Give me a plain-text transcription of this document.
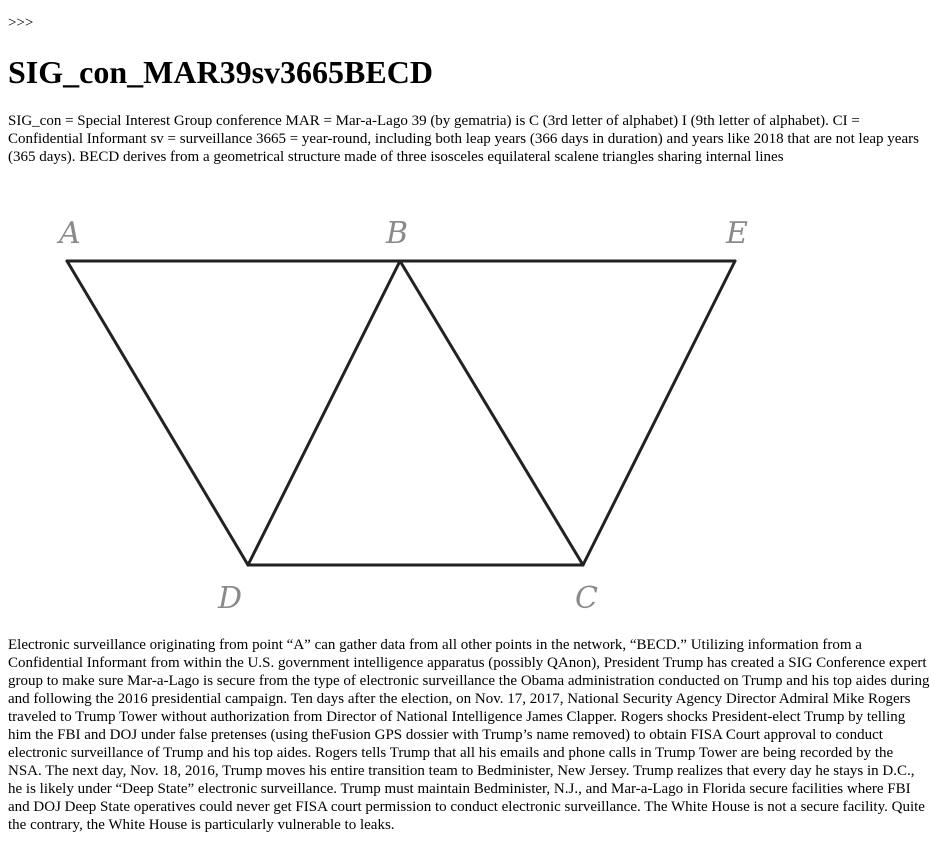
>>>
SIG_con_MAR39sv3665BECD

SIG_con = Special Interest Group conference MAR = Mar-a-Lago 39 (by gematria) is C (3rd letter of alphabet) I (9th letter of alphabet). CI = Confidential Informant sv = surveillance 3665 = year-round, including both leap years (366 days in duration) and years like 2018 that are not leap years (365 days). BECD derives from a geometrical structure made of three isosceles equilateral scalene triangles sharing internal lines

A	B	E
D	C

Electronic surveillance originating from point “A” can gather data from all other points in the network, “BECD.” Utilizing information from a Confidential Informant from within the U.S. government intelligence apparatus (possibly QAnon), President Trump has created a SIG Conference expert group to make sure Mar-a-Lago is secure from the type of electronic surveillance the Obama administration conducted on Trump and his top aides during and following the 2016 presidential campaign. Ten days after the election, on Nov. 17, 2017, National Security Agency Director Admiral Mike Rogers traveled to Trump Tower without authorization from Director of National Intelligence James Clapper. Rogers shocks President-elect Trump by telling him the FBI and DOJ under false pretenses (using theFusion GPS dossier with Trump’s name removed) to obtain FISA Court approval to conduct electronic surveillance of Trump and his top aides. Rogers tells Trump that all his emails and phone calls in Trump Tower are being recorded by the NSA. The next day, Nov. 18, 2016, Trump moves his entire transition team to Bedminister, New Jersey. Trump realizes that every day he stays in D.C., he is likely under “Deep State” electronic surveillance. Trump must maintain Bedminister, N.J., and Mar-a-Lago in Florida secure facilities where FBI and DOJ Deep State operatives could never get FISA court permission to conduct electronic surveillance. The White House is not a secure facility. Quite the contrary, the White House is particularly vulnerable to leaks.
